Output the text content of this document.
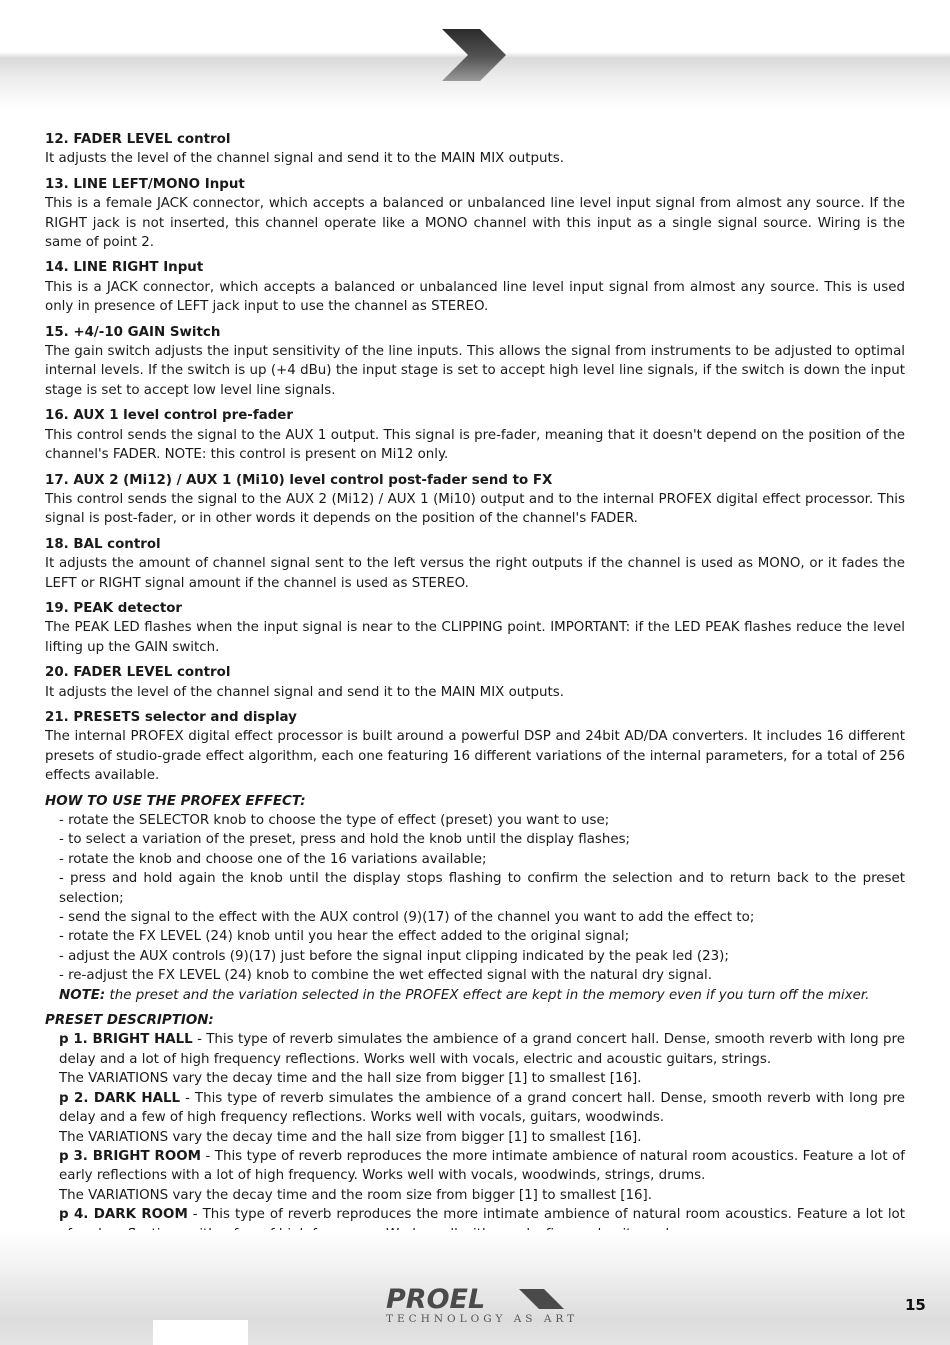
12. FADER LEVEL control
It adjusts the level of the channel signal and send it to the MAIN MIX outputs.
13. LINE LEFT/MONO Input
This is a female JACK connector, which accepts a balanced or unbalanced line level input signal from almost any source. If the RIGHT jack is not inserted, this channel operate like a MONO channel with this input as a single signal source. Wiring is the same of point 2.
14. LINE RIGHT Input
This is a JACK connector, which accepts a balanced or unbalanced line level input signal from almost any source. This is used only in presence of LEFT jack input to use the channel as STEREO.
15. +4/-10 GAIN Switch
The gain switch adjusts the input sensitivity of the line inputs. This allows the signal from instruments to be adjusted to optimal internal levels. If the switch is up (+4 dBu) the input stage is set to accept high level line signals, if the switch is down the input stage is set to accept low level line signals.
16. AUX 1 level control pre-fader
This control sends the signal to the AUX 1 output. This signal is pre-fader, meaning that it doesn't depend on the position of the channel's FADER. NOTE: this control is present on Mi12 only.
17. AUX 2 (Mi12) / AUX 1 (Mi10) level control post-fader send to FX
This control sends the signal to the AUX 2 (Mi12) / AUX 1 (Mi10) output and to the internal PROFEX digital effect processor. This signal is post-fader, or in other words it depends on the position of the channel's FADER.
18. BAL control
It adjusts the amount of channel signal sent to the left versus the right outputs if the channel is used as MONO, or it fades the LEFT or RIGHT signal amount if the channel is used as STEREO.
19. PEAK detector
The PEAK LED flashes when the input signal is near to the CLIPPING point. IMPORTANT: if the LED PEAK flashes reduce the level lifting up the GAIN switch.
20. FADER LEVEL control
It adjusts the level of the channel signal and send it to the MAIN MIX outputs.
21. PRESETS selector and display
The internal PROFEX digital effect processor is built around a powerful DSP and 24bit AD/DA converters. It includes 16 different presets of studio-grade effect algorithm, each one featuring 16 different variations of the internal parameters, for a total of 256 effects available.
HOW TO USE THE PROFEX EFFECT:
- rotate the SELECTOR knob to choose the type of effect (preset) you want to use;
- to select a variation of the preset, press and hold the knob until the display flashes;
- rotate the knob and choose one of the 16 variations available;
- press and hold again the knob until the display stops flashing to confirm the selection and to return back to the preset selection;
- send the signal to the effect with the AUX control (9)(17) of the channel you want to add the effect to;
- rotate the FX LEVEL (24) knob until you hear the effect added to the original signal;
- adjust the AUX controls (9)(17) just before the signal input clipping indicated by the peak led (23);
- re-adjust the FX LEVEL (24) knob to combine the wet effected signal with the natural dry signal.
NOTE: the preset and the variation selected in the PROFEX effect are kept in the memory even if you turn off the mixer.
PRESET DESCRIPTION:
p 1. BRIGHT HALL - This type of reverb simulates the ambience of a grand concert hall. Dense, smooth reverb with long pre delay and a lot of high frequency reflections. Works well with vocals, electric and acoustic guitars, strings.
The VARIATIONS vary the decay time and the hall size from bigger [1] to smallest [16].
p 2. DARK HALL - This type of reverb simulates the ambience of a grand concert hall. Dense, smooth reverb with long pre delay and a few of high frequency reflections. Works well with vocals, guitars, woodwinds.
The VARIATIONS vary the decay time and the hall size from bigger [1] to smallest [16].
p 3. BRIGHT ROOM - This type of reverb reproduces the more intimate ambience of natural room acoustics. Feature a lot of early reflections with a lot of high frequency. Works well with vocals, woodwinds, strings, drums.
The VARIATIONS vary the decay time and the room size from bigger [1] to smallest [16].
p 4. DARK ROOM - This type of reverb reproduces the more intimate ambience of natural room acoustics. Feature a lot lot
PROEL
TECHNOLOGY AS ART
15
